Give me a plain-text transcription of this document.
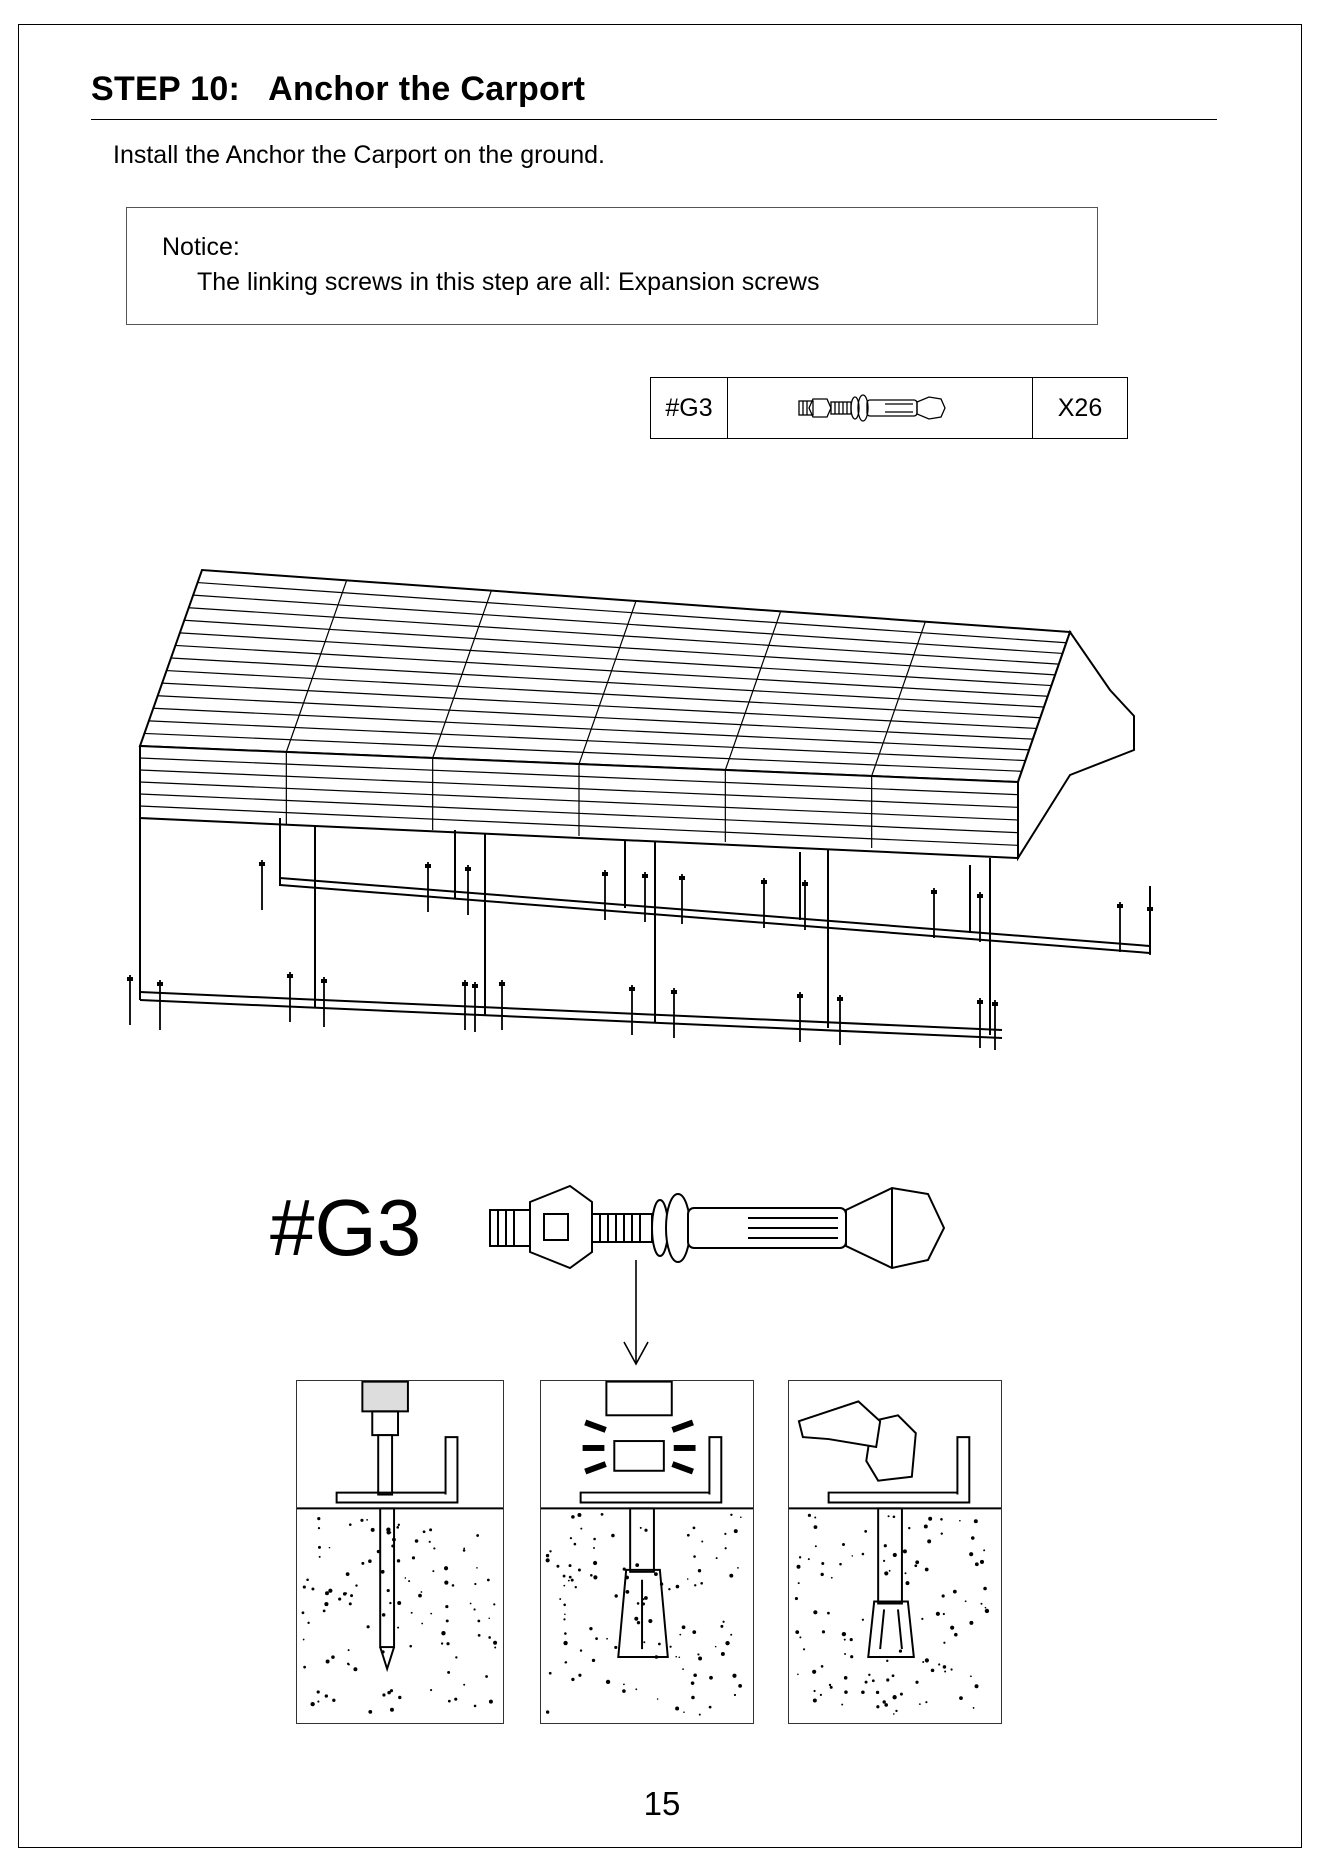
STEP 10:   Anchor the Carport
Install the Anchor the Carport on the ground.
Notice:
The linking screws in this step are all: Expansion screws
#G3	X26
#G3
15
